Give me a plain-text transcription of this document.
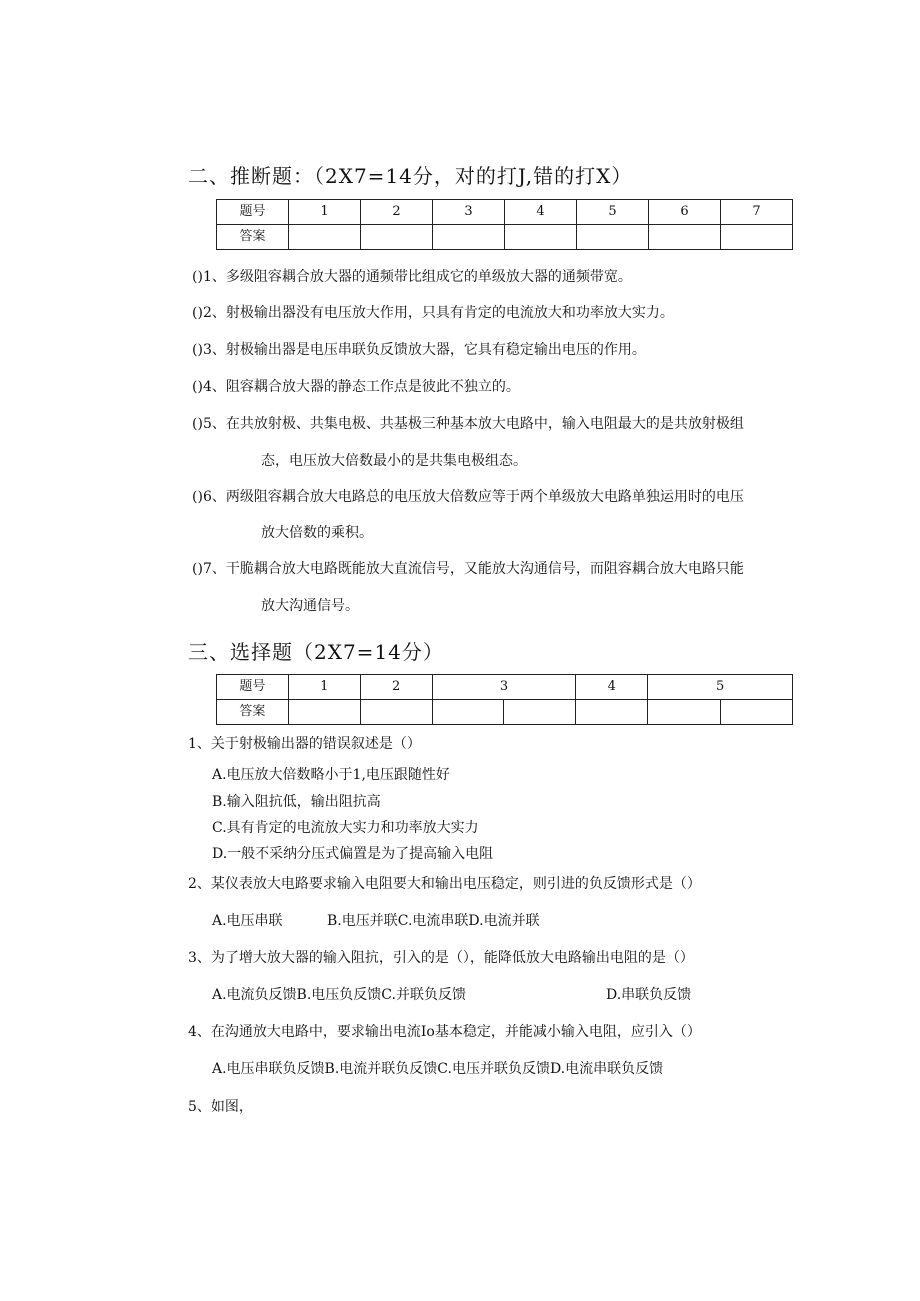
二、推断题：（2X7=14分，对的打J,错的打X）
题号	1	2	3	4	5	6	7
答案							
()1、多级阻容耦合放大器的通频带比组成它的单级放大器的通频带宽。
()2、射极输出器没有电压放大作用，只具有肯定的电流放大和功率放大实力。
()3、射极输出器是电压串联负反馈放大器，它具有稳定输出电压的作用。
()4、阻容耦合放大器的静态工作点是彼此不独立的。
()5、在共放射极、共集电极、共基极三种基本放大电路中，输入电阻最大的是共放射极组
态，电压放大倍数最小的是共集电极组态。
()6、两级阻容耦合放大电路总的电压放大倍数应等于两个单级放大电路单独运用时的电压
放大倍数的乘积。
()7、干脆耦合放大电路既能放大直流信号，又能放大沟通信号，而阻容耦合放大电路只能
放大沟通信号。
三、选择题（2X7=14分）
题号	1	2	3		4	5	
答案							
1、关于射极输出器的错误叙述是（）
A.电压放大倍数略小于1,电压跟随性好
B.输入阻抗低，输出阻抗高
C.具有肯定的电流放大实力和功率放大实力
D.一般不采纳分压式偏置是为了提高输入电阻
2、某仪表放大电路要求输入电阻要大和输出电压稳定，则引进的负反馈形式是（）
A.电压串联	B.电压并联C.电流串联D.电流并联
3、为了增大放大器的输入阻抗，引入的是（），能降低放大电路输出电阻的是（）
A.电流负反馈B.电压负反馈C.并联负反馈	D.串联负反馈
4、在沟通放大电路中，要求输出电流Io基本稳定，并能减小输入电阻，应引入（）
A.电压串联负反馈B.电流并联负反馈C.电压并联负反馈D.电流串联负反馈
5、如图，
